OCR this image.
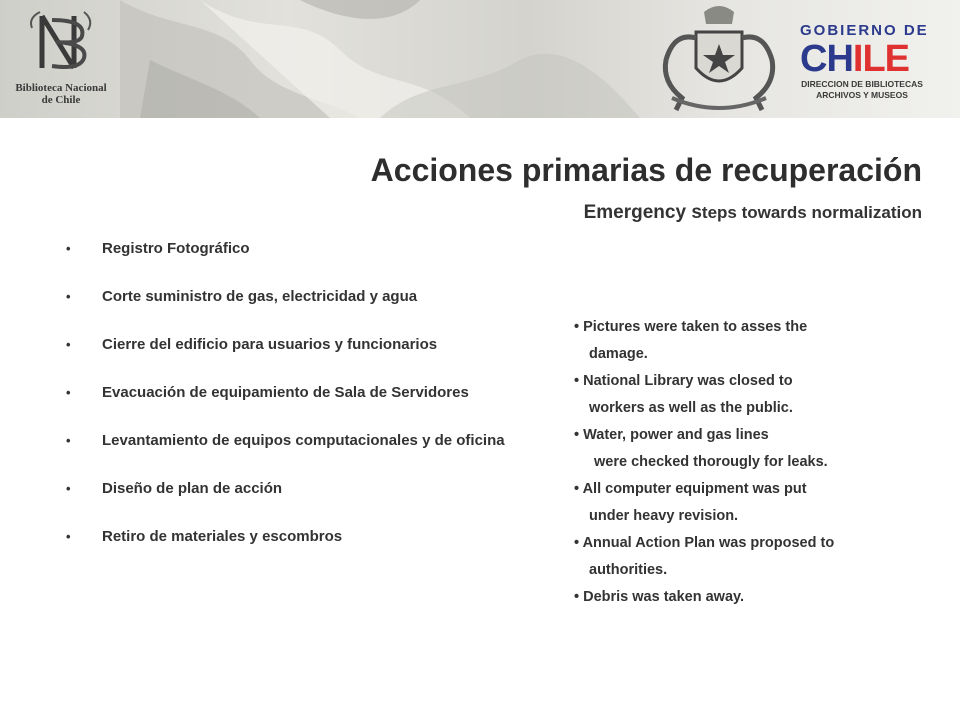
Biblioteca Nacional
de Chile
GOBIERNO DE
CHILE
DIRECCION DE BIBLIOTECAS
ARCHIVOS Y MUSEOS
Acciones primarias de recuperación
Emergency steps towards normalization
• Registro Fotográfico
• Corte suministro de gas, electricidad y agua
• Cierre del edificio para usuarios y funcionarios
• Evacuación de equipamiento de Sala de Servidores
• Levantamiento de equipos computacionales y de oficina
• Diseño de plan de acción
• Retiro de materiales y escombros
• Pictures were taken to asses the
damage.
• National Library was closed to
workers as well as the public.
• Water, power and gas lines
were checked thorougly for leaks.
• All computer equipment was put
under heavy revision.
• Annual Action Plan was proposed to
authorities.
• Debris was taken away.
